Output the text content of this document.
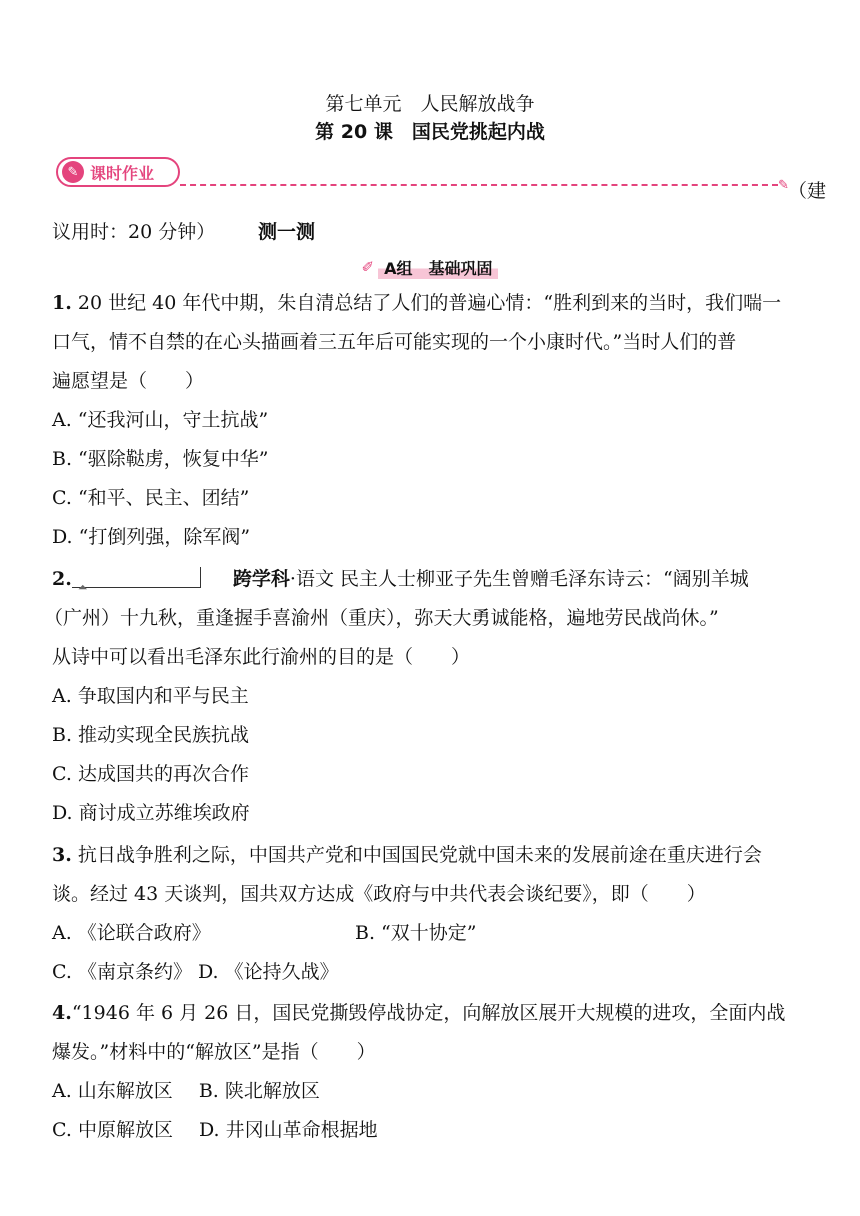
第七单元　人民解放战争
第 20 课　国民党挑起内战
✎ 课时作业
✎ （建
议用时：20 分钟） 测一测
✐ A组　基础巩固
1. 20 世纪 40 年代中期，朱自清总结了人们的普遍心情：“胜利到来的当时，我们喘一
口气，情不自禁的在心头描画着三五年后可能实现的一个小康时代。”当时人们的普
遍愿望是（　　）
A. “还我河山，守土抗战”
B. “驱除鞑虏，恢复中华”
C. “和平、民主、团结”
D. “打倒列强，除军阀”
2. ⏶	跨学科·语文 民主人士柳亚子先生曾赠毛泽东诗云：“阔别羊城
（广州）十九秋，重逢握手喜渝州（重庆），弥天大勇诚能格，遍地劳民战尚休。”
从诗中可以看出毛泽东此行渝州的目的是（　　）
A. 争取国内和平与民主
B. 推动实现全民族抗战
C. 达成国共的再次合作
D. 商讨成立苏维埃政府
3. 抗日战争胜利之际，中国共产党和中国国民党就中国未来的发展前途在重庆进行会
谈。经过 43 天谈判，国共双方达成《政府与中共代表会谈纪要》，即（　　）
A. 《论联合政府》	B. “双十协定”
C. 《南京条约》 D. 《论持久战》
4.“1946 年 6 月 26 日，国民党撕毁停战协定，向解放区展开大规模的进攻，全面内战
爆发。”材料中的“解放区”是指（　　）
A. 山东解放区 B. 陕北解放区
C. 中原解放区 D. 井冈山革命根据地
